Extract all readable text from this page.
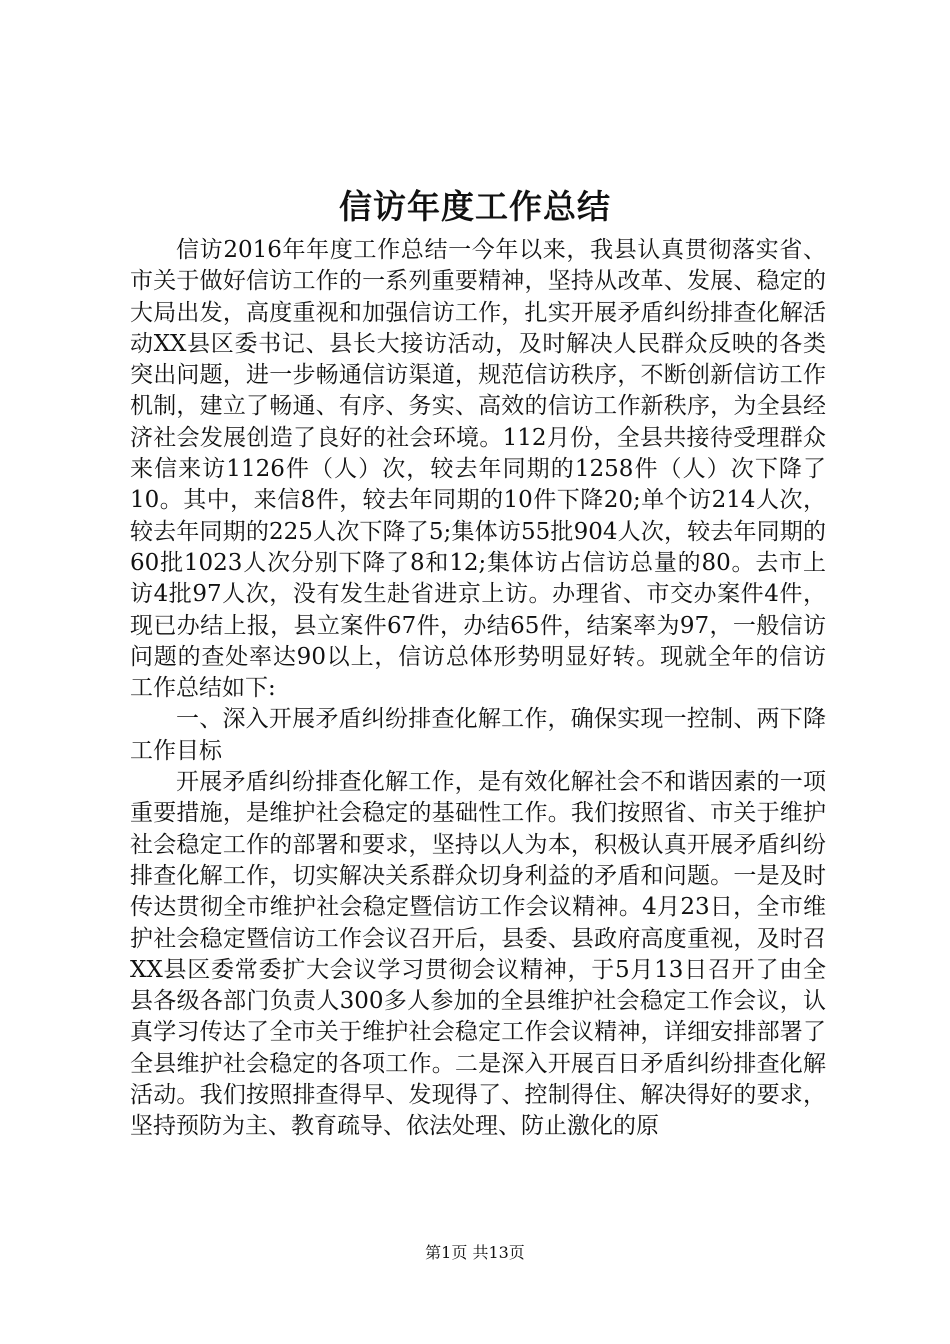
信访年度工作总结

信访2016年年度工作总结一今年以来，我县认真贯彻落实省、市关于做好信访工作的一系列重要精神，坚持从改革、发展、稳定的大局出发，高度重视和加强信访工作，扎实开展矛盾纠纷排查化解活动XX县区委书记、县长大接访活动，及时解决人民群众反映的各类突出问题，进一步畅通信访渠道，规范信访秩序，不断创新信访工作机制，建立了畅通、有序、务实、高效的信访工作新秩序，为全县经济社会发展创造了良好的社会环境。112月份，全县共接待受理群众来信来访1126件（人）次，较去年同期的1258件（人）次下降了10。其中，来信8件，较去年同期的10件下降20;单个访214人次，较去年同期的225人次下降了5;集体访55批904人次，较去年同期的60批1023人次分别下降了8和12;集体访占信访总量的80。去市上访4批97人次，没有发生赴省进京上访。办理省、市交办案件4件，现已办结上报，县立案件67件，办结65件，结案率为97，一般信访问题的查处率达90以上，信访总体形势明显好转。现就全年的信访工作总结如下:

一、深入开展矛盾纠纷排查化解工作，确保实现一控制、两下降工作目标

开展矛盾纠纷排查化解工作，是有效化解社会不和谐因素的一项重要措施，是维护社会稳定的基础性工作。我们按照省、市关于维护社会稳定工作的部署和要求，坚持以人为本，积极认真开展矛盾纠纷排查化解工作，切实解决关系群众切身利益的矛盾和问题。一是及时传达贯彻全市维护社会稳定暨信访工作会议精神。4月23日，全市维护社会稳定暨信访工作会议召开后，县委、县政府高度重视，及时召XX县区委常委扩大会议学习贯彻会议精神，于5月13日召开了由全县各级各部门负责人300多人参加的全县维护社会稳定工作会议，认真学习传达了全市关于维护社会稳定工作会议精神，详细安排部署了全县维护社会稳定的各项工作。二是深入开展百日矛盾纠纷排查化解活动。我们按照排查得早、发现得了、控制得住、解决得好的要求，坚持预防为主、教育疏导、依法处理、防止激化的原

第1页 共13页
